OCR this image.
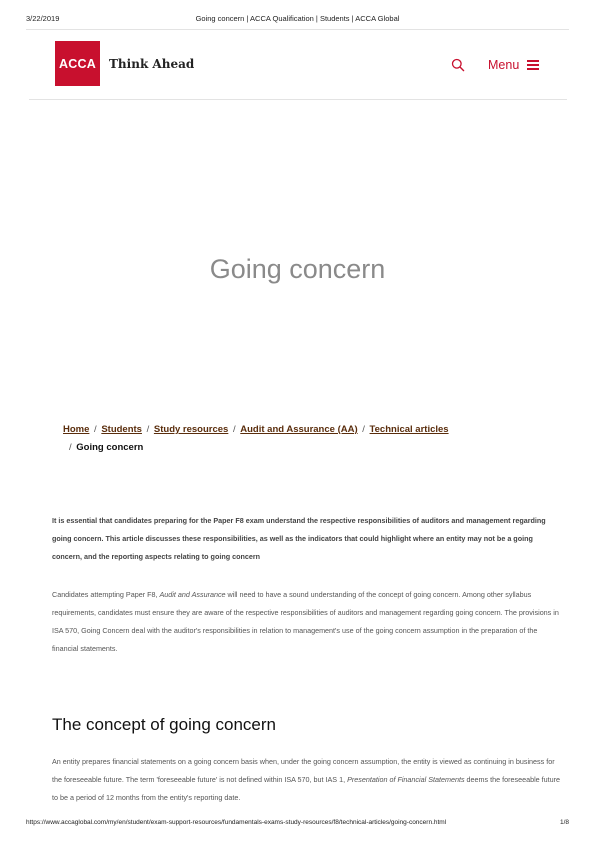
3/22/2019	Going concern | ACCA Qualification | Students | ACCA Global
ACCA Think Ahead	Menu
Going concern
Home / Students / Study resources / Audit and Assurance (AA) / Technical articles
/ Going concern

It is essential that candidates preparing for the Paper F8 exam understand the respective responsibilities of auditors and management regarding going concern. This article discusses these responsibilities, as well as the indicators that could highlight where an entity may not be a going concern, and the reporting aspects relating to going concern

Candidates attempting Paper F8, Audit and Assurance will need to have a sound understanding of the concept of going concern. Among other syllabus requirements, candidates must ensure they are aware of the respective responsibilities of auditors and management regarding going concern. The provisions in ISA 570, Going Concern deal with the auditor's responsibilities in relation to management's use of the going concern assumption in the preparation of the financial statements.

The concept of going concern

An entity prepares financial statements on a going concern basis when, under the going concern assumption, the entity is viewed as continuing in business for the foreseeable future. The term 'foreseeable future' is not defined within ISA 570, but IAS 1, Presentation of Financial Statements deems the foreseeable future to be a period of 12 months from the entity's reporting date.

https://www.accaglobal.com/my/en/student/exam-support-resources/fundamentals-exams-study-resources/f8/technical-articles/going-concern.html	1/8
